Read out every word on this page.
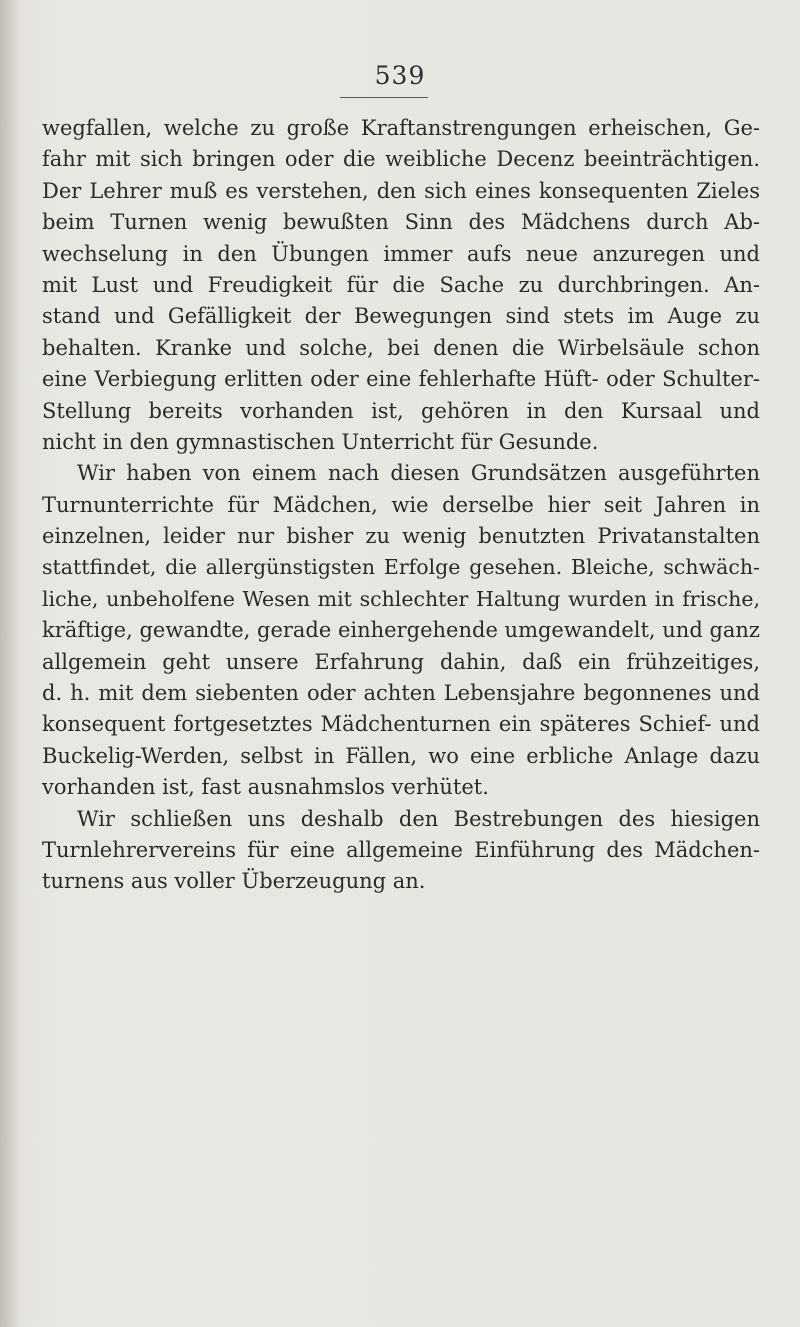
539
wegfallen, welche zu große Kraftanstrengungen erheischen, Ge-
fahr mit sich bringen oder die weibliche Decenz beeinträchtigen.
Der Lehrer muß es verstehen, den sich eines konsequenten Zieles
beim Turnen wenig bewußten Sinn des Mädchens durch Ab-
wechselung in den Übungen immer aufs neue anzuregen und
mit Lust und Freudigkeit für die Sache zu durchbringen. An-
stand und Gefälligkeit der Bewegungen sind stets im Auge zu
behalten. Kranke und solche, bei denen die Wirbelsäule schon
eine Verbiegung erlitten oder eine fehlerhafte Hüft- oder Schulter-
Stellung bereits vorhanden ist, gehören in den Kursaal und
nicht in den gymnastischen Unterricht für Gesunde.
Wir haben von einem nach diesen Grundsätzen ausgeführten
Turnunterrichte für Mädchen, wie derselbe hier seit Jahren in
einzelnen, leider nur bisher zu wenig benutzten Privatanstalten
stattfindet, die allergünstigsten Erfolge gesehen. Bleiche, schwäch-
liche, unbeholfene Wesen mit schlechter Haltung wurden in frische,
kräftige, gewandte, gerade einhergehende umgewandelt, und ganz
allgemein geht unsere Erfahrung dahin, daß ein frühzeitiges,
d. h. mit dem siebenten oder achten Lebensjahre begonnenes und
konsequent fortgesetztes Mädchenturnen ein späteres Schief- und
Buckelig-Werden, selbst in Fällen, wo eine erbliche Anlage dazu
vorhanden ist, fast ausnahmslos verhütet.
Wir schließen uns deshalb den Bestrebungen des hiesigen
Turnlehrervereins für eine allgemeine Einführung des Mädchen-
turnens aus voller Überzeugung an.
